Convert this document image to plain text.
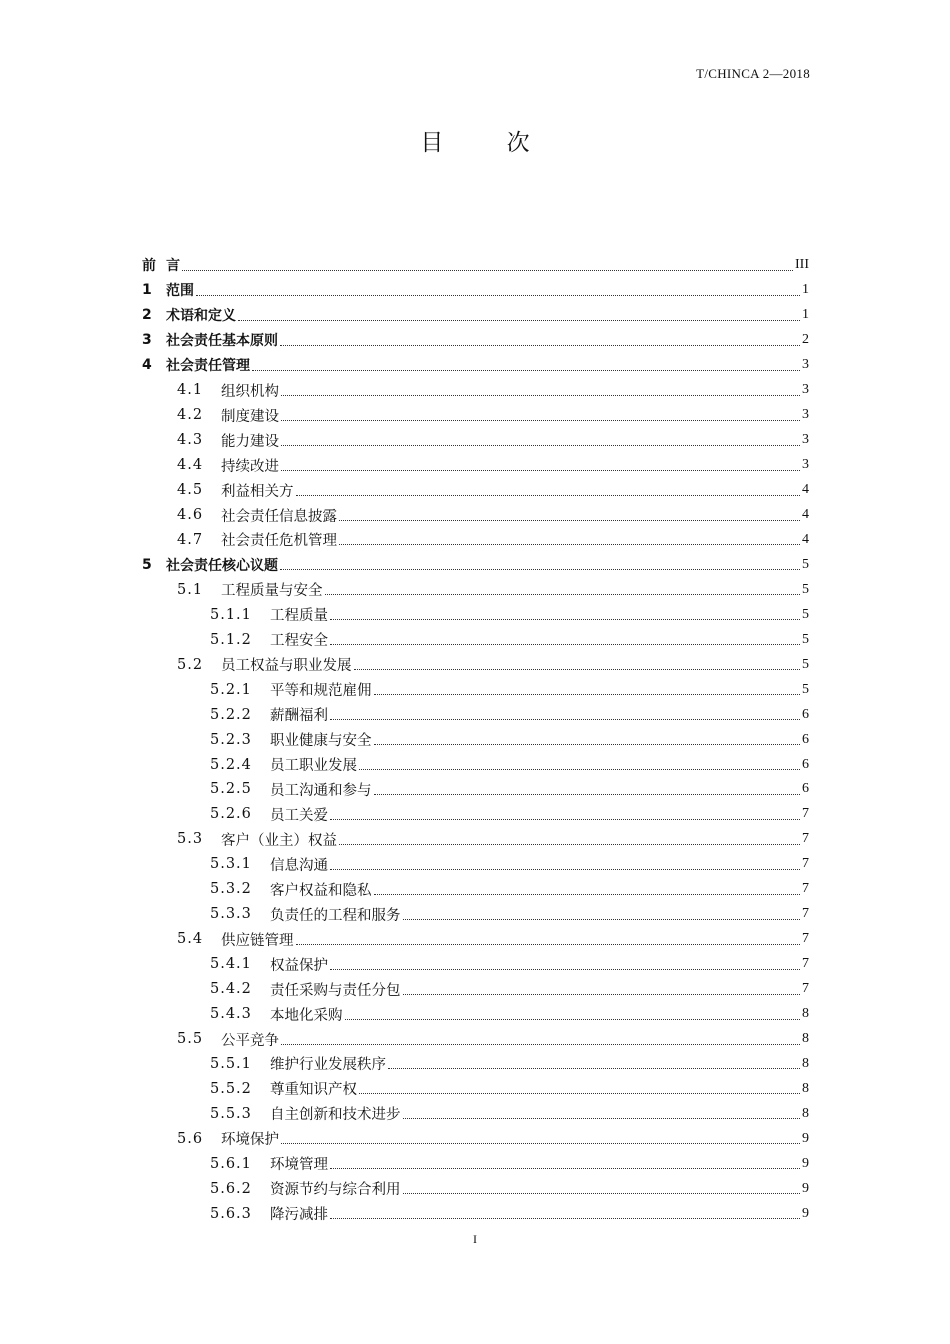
T/CHINCA 2—2018
目 次
前 言	III
1	范围	1
2	术语和定义	1
3	社会责任基本原则	2
4	社会责任管理	3
4.1	组织机构	3
4.2	制度建设	3
4.3	能力建设	3
4.4	持续改进	3
4.5	利益相关方	4
4.6	社会责任信息披露	4
4.7	社会责任危机管理	4
5	社会责任核心议题	5
5.1	工程质量与安全	5
5.1.1	工程质量	5
5.1.2	工程安全	5
5.2	员工权益与职业发展	5
5.2.1	平等和规范雇佣	5
5.2.2	薪酬福利	6
5.2.3	职业健康与安全	6
5.2.4	员工职业发展	6
5.2.5	员工沟通和参与	6
5.2.6	员工关爱	7
5.3	客户（业主）权益	7
5.3.1	信息沟通	7
5.3.2	客户权益和隐私	7
5.3.3	负责任的工程和服务	7
5.4	供应链管理	7
5.4.1	权益保护	7
5.4.2	责任采购与责任分包	7
5.4.3	本地化采购	8
5.5	公平竞争	8
5.5.1	维护行业发展秩序	8
5.5.2	尊重知识产权	8
5.5.3	自主创新和技术进步	8
5.6	环境保护	9
5.6.1	环境管理	9
5.6.2	资源节约与综合利用	9
5.6.3	降污减排	9
I
